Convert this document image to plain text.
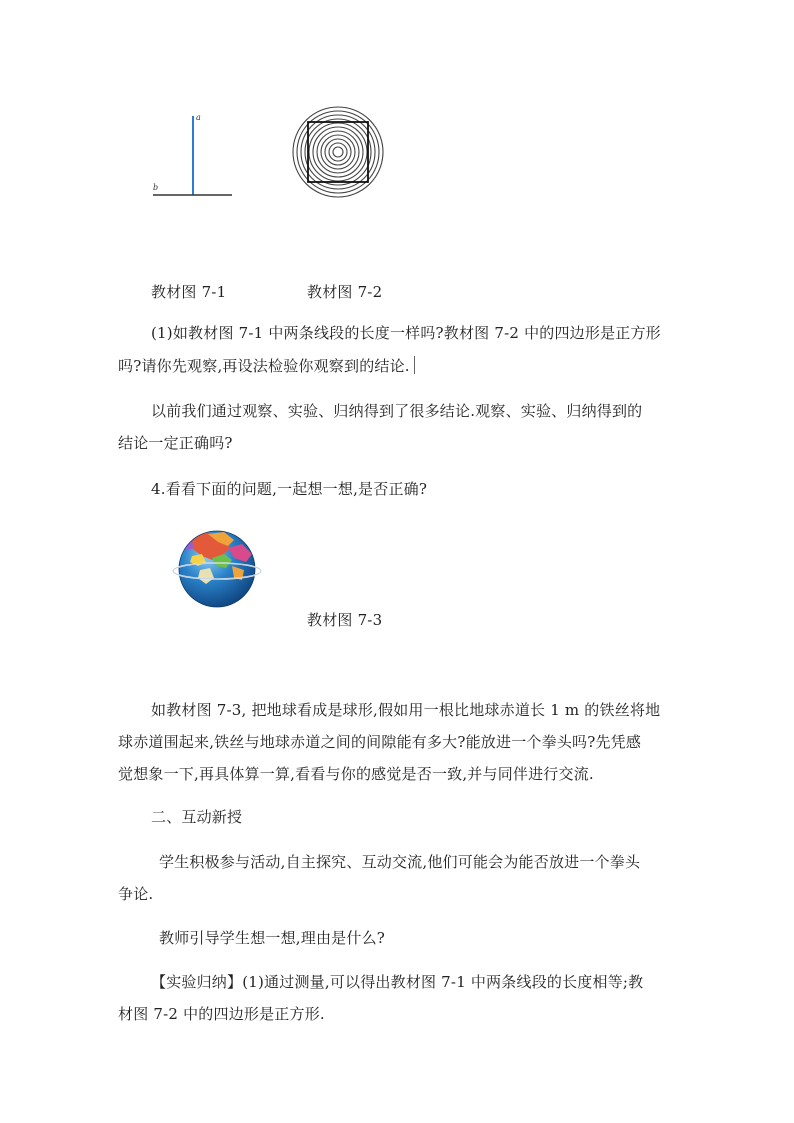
a
b
教材图 7-1	教材图 7-2
(1)如教材图 7-1 中两条线段的长度一样吗?教材图 7-2 中的四边形是正方形
吗?请你先观察,再设法检验你观察到的结论.
以前我们通过观察、实验、归纳得到了很多结论.观察、实验、归纳得到的
结论一定正确吗?
4.看看下面的问题,一起想一想,是否正确?
教材图 7-3
如教材图 7-3, 把地球看成是球形,假如用一根比地球赤道长 1 m 的铁丝将地
球赤道围起来,铁丝与地球赤道之间的间隙能有多大?能放进一个拳头吗?先凭感
觉想象一下,再具体算一算,看看与你的感觉是否一致,并与同伴进行交流.
二、互动新授
学生积极参与活动,自主探究、互动交流,他们可能会为能否放进一个拳头
争论.
教师引导学生想一想,理由是什么?
【实验归纳】(1)通过测量,可以得出教材图 7-1 中两条线段的长度相等;教
材图 7-2 中的四边形是正方形.
